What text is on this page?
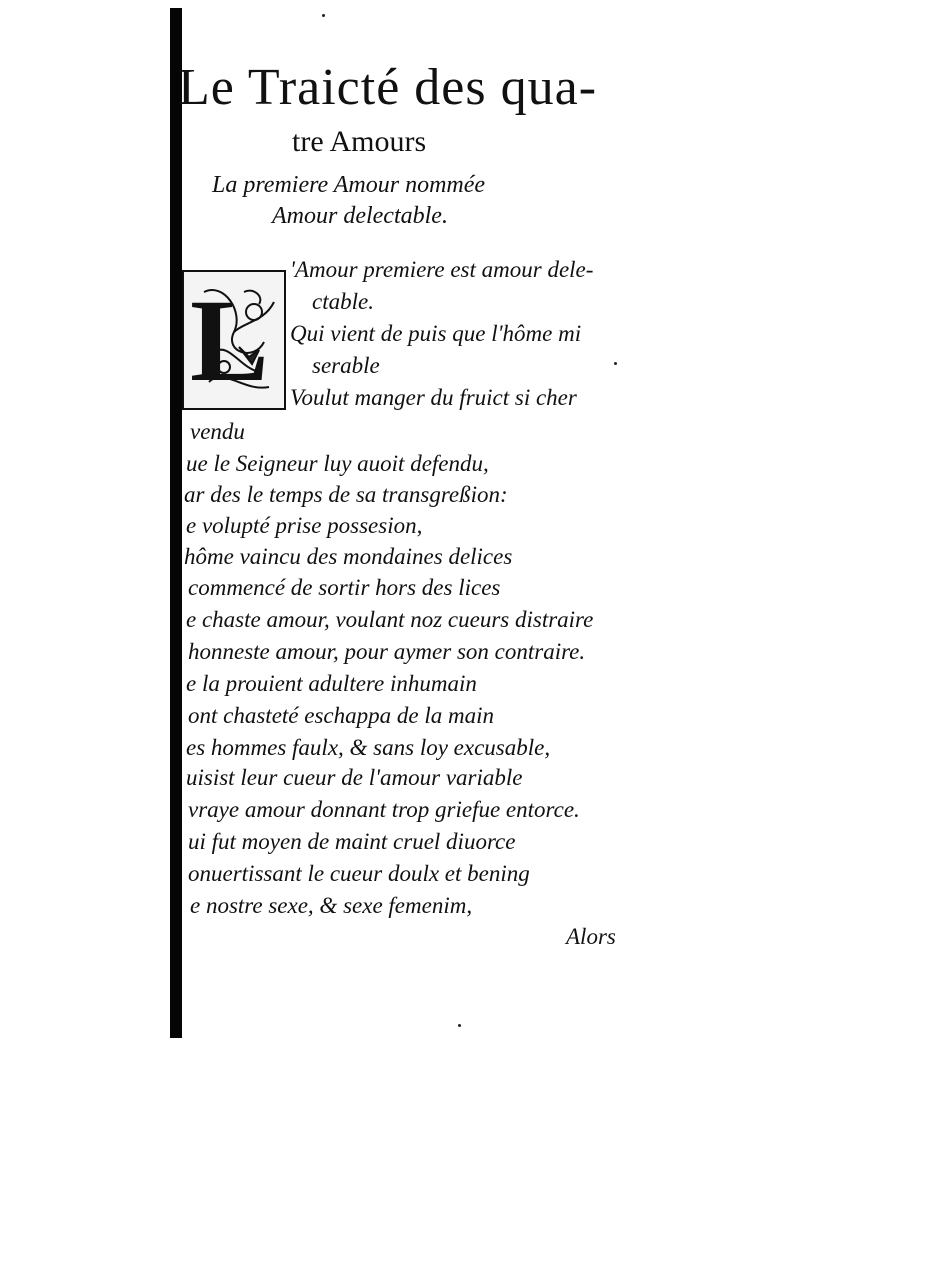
Le Traicté des qua-
tre Amours
La premiere Amour nommée
Amour delectable.
L
'Amour premiere est amour dele-
ctable.
Qui vient de puis que l'hôme mi
serable
Voulut manger du fruict si cher
vendu
ue le Seigneur luy auoit defendu,
ar des le temps de sa transgreßion:
e volupté prise possesion,
hôme vaincu des mondaines delices
commencé de sortir hors des lices
e chaste amour, voulant noz cueurs distraire
honneste amour, pour aymer son contraire.
e la prouient adultere inhumain
ont chasteté eschappa de la main
es hommes faulx, & sans loy excusable,
uisist leur cueur de l'amour variable
vraye amour donnant trop griefue entorce.
ui fut moyen de maint cruel diuorce
onuertissant le cueur doulx et bening
e nostre sexe, & sexe femenim,
Alors
